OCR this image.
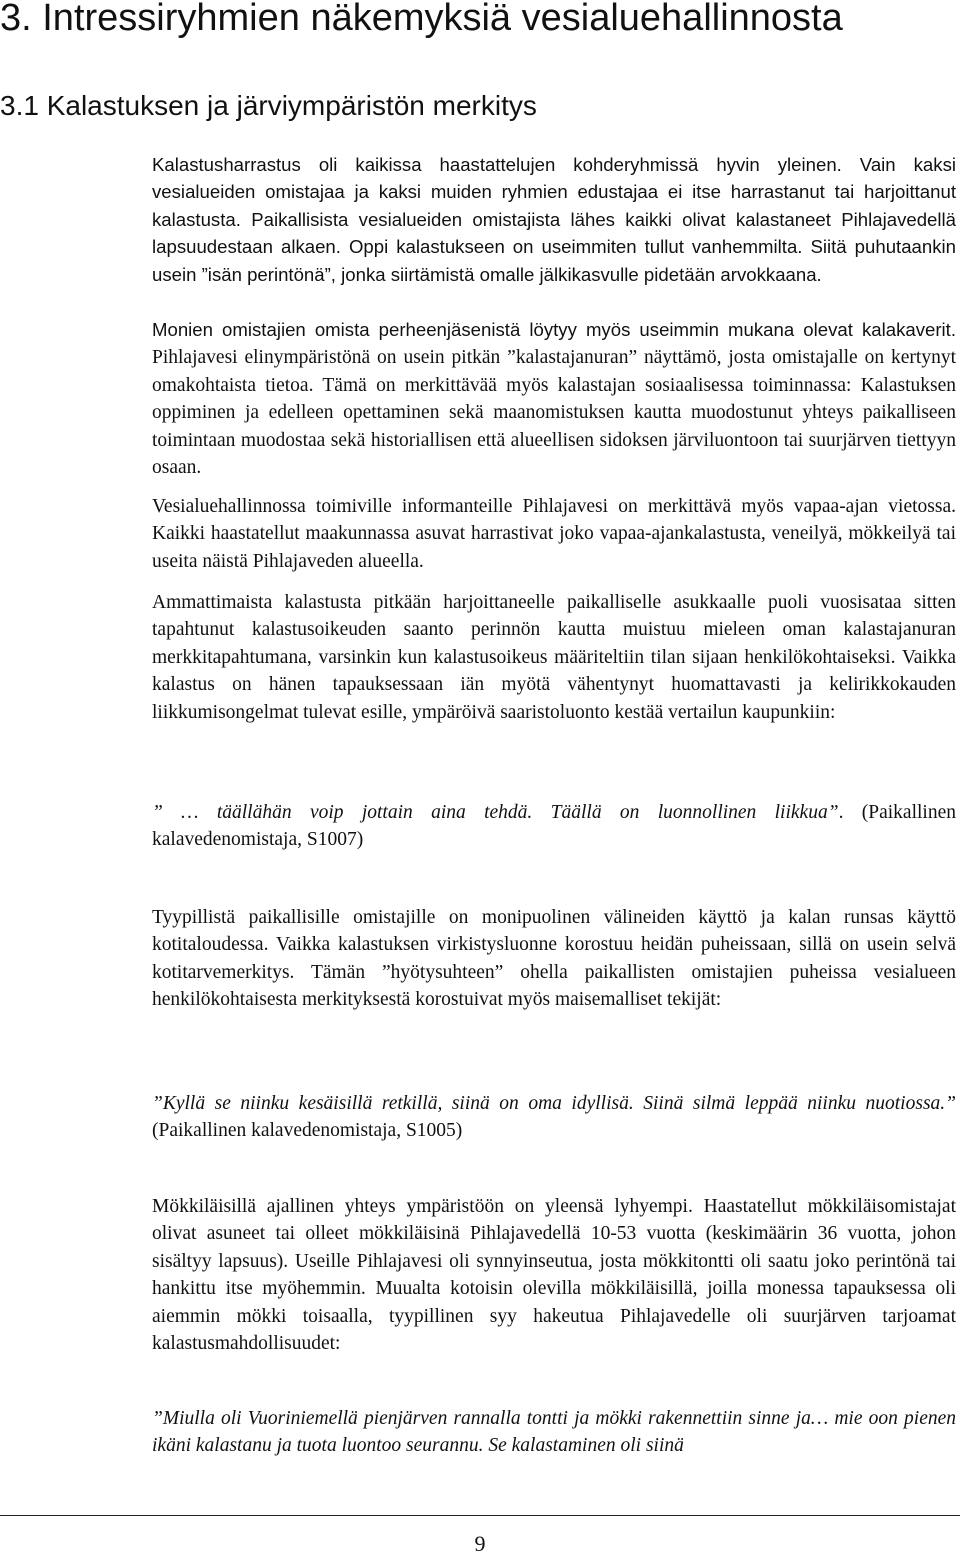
3. Intressiryhmien näkemyksiä vesialuehallinnosta
3.1 Kalastuksen ja järviympäristön merkitys

Kalastusharrastus oli kaikissa haastattelujen kohderyhmissä hyvin yleinen. Vain kaksi vesialueiden omistajaa ja kaksi muiden ryhmien edustajaa ei itse harrastanut tai harjoittanut kalastusta. Paikallisista vesialueiden omistajista lähes kaikki olivat kalastaneet Pihlajavedellä lapsuudestaan alkaen. Oppi kalastukseen on useimmiten tullut vanhemmilta. Siitä puhutaankin usein ”isän perintönä”, jonka siirtämistä omalle jälkikasvulle pidetään arvokkaana.

Monien omistajien omista perheenjäsenistä löytyy myös useimmin mukana olevat kalakaverit. Pihlajavesi elinympäristönä on usein pitkän ”kalastajanuran” näyttämö, josta omistajalle on kertynyt omakohtaista tietoa. Tämä on merkittävää myös kalastajan sosiaalisessa toiminnassa: Kalastuksen oppiminen ja edelleen opettaminen sekä maanomistuksen kautta muodostunut yhteys paikalliseen toimintaan muodostaa sekä historiallisen että alueellisen sidoksen järviluontoon tai suurjärven tiettyyn osaan.

Vesialuehallinnossa toimiville informanteille Pihlajavesi on merkittävä myös vapaa-ajan vietossa. Kaikki haastatellut maakunnassa asuvat harrastivat joko vapaa-ajankalastusta, veneilyä, mökkeilyä tai useita näistä Pihlajaveden alueella.

Ammattimaista kalastusta pitkään harjoittaneelle paikalliselle asukkaalle puoli vuosisataa sitten tapahtunut kalastusoikeuden saanto perinnön kautta muistuu mieleen oman kalastajanuran merkkitapahtumana, varsinkin kun kalastusoikeus määriteltiin tilan sijaan henkilökohtaiseksi. Vaikka kalastus on hänen tapauksessaan iän myötä vähentynyt huomattavasti ja kelirikkokauden liikkumisongelmat tulevat esille, ympäröivä saaristoluonto kestää vertailun kaupunkiin:

” … täällähän voip jottain aina tehdä. Täällä on luonnollinen liikkua”. (Paikallinen kalavedenomistaja, S1007)

Tyypillistä paikallisille omistajille on monipuolinen välineiden käyttö ja kalan runsas käyttö kotitaloudessa. Vaikka kalastuksen virkistysluonne korostuu heidän puheissaan, sillä on usein selvä kotitarvemerkitys. Tämän ”hyötysuhteen” ohella paikallisten omistajien puheissa vesialueen henkilökohtaisesta merkityksestä korostuivat myös maisemalliset tekijät:

”Kyllä se niinku kesäisillä retkillä, siinä on oma idyllisä. Siinä silmä leppää niinku nuotiossa.” (Paikallinen kalavedenomistaja, S1005)

Mökkiläisillä ajallinen yhteys ympäristöön on yleensä lyhyempi. Haastatellut mökkiläisomistajat olivat asuneet tai olleet mökkiläisinä Pihlajavedellä 10-53 vuotta (keskimäärin 36 vuotta, johon sisältyy lapsuus). Useille Pihlajavesi oli synnyinseutua, josta mökkitontti oli saatu joko perintönä tai hankittu itse myöhemmin. Muualta kotoisin olevilla mökkiläisillä, joilla monessa tapauksessa oli aiemmin mökki toisaalla, tyypillinen syy hakeutua Pihlajavedelle oli suurjärven tarjoamat kalastusmahdollisuudet:

”Miulla oli Vuoriniemellä pienjärven rannalla tontti ja mökki rakennettiin sinne ja… mie oon pienen ikäni kalastanu ja tuota luontoo seurannu. Se kalastaminen oli siinä

9
